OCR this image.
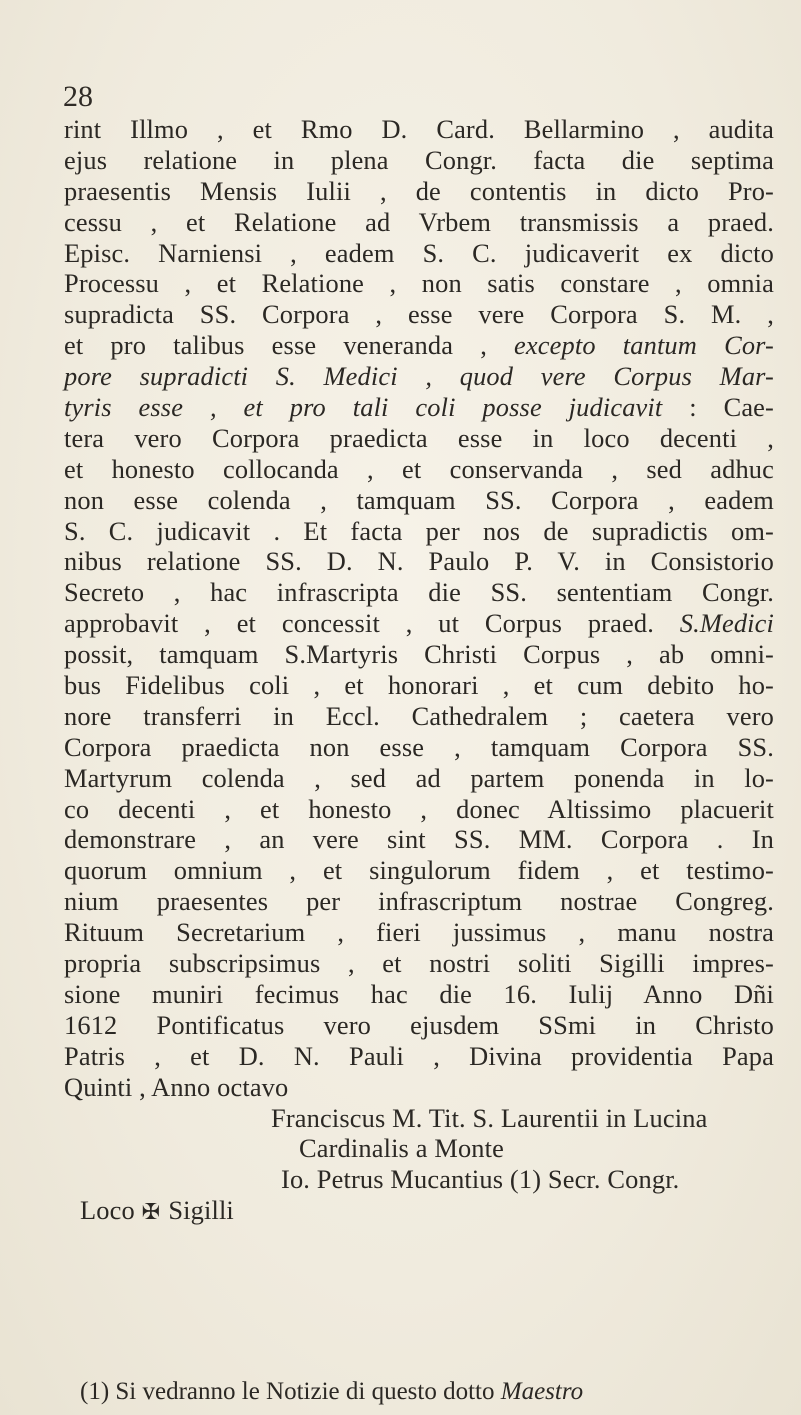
28
rint Illmo , et Rmo D. Card. Bellarmino , audita
ejus relatione in plena Congr. facta die septima
praesentis Mensis Iulii , de contentis in dicto Pro-
cessu , et Relatione ad Vrbem transmissis a praed.
Episc. Narniensi , eadem S. C. judicaverit ex dicto
Processu , et Relatione , non satis constare , omnia
supradicta SS. Corpora , esse vere Corpora S. M. ,
et pro talibus esse veneranda , excepto tantum Cor-
pore supradicti S. Medici , quod vere Corpus Mar-
tyris esse , et pro tali coli posse judicavit : Cae-
tera vero Corpora praedicta esse in loco decenti ,
et honesto collocanda , et conservanda , sed adhuc
non esse colenda , tamquam SS. Corpora , eadem
S. C. judicavit . Et facta per nos de supradictis om-
nibus relatione SS. D. N. Paulo P. V. in Consistorio
Secreto , hac infrascripta die SS. sententiam Congr.
approbavit , et concessit , ut Corpus praed. S.Medici
possit, tamquam S.Martyris Christi Corpus , ab omni-
bus Fidelibus coli , et honorari , et cum debito ho-
nore transferri in Eccl. Cathedralem ; caetera vero
Corpora praedicta non esse , tamquam Corpora SS.
Martyrum colenda , sed ad partem ponenda in lo-
co decenti , et honesto , donec Altissimo placuerit
demonstrare , an vere sint SS. MM. Corpora . In
quorum omnium , et singulorum fidem , et testimo-
nium praesentes per infrascriptum nostrae Congreg.
Rituum Secretarium , fieri jussimus , manu nostra
propria subscripsimus , et nostri soliti Sigilli impres-
sione muniri fecimus hac die 16. Iulij Anno Dñi
1612 Pontificatus vero ejusdem SSmi in Christo
Patris , et D. N. Pauli , Divina providentia Papa
Quinti , Anno octavo
Franciscus M. Tit. S. Laurentii in Lucina
Cardinalis a Monte
Io. Petrus Mucantius (1) Secr. Congr.
Loco ✠ Sigilli
(1) Si vedranno le Notizie di questo dotto Maestro
